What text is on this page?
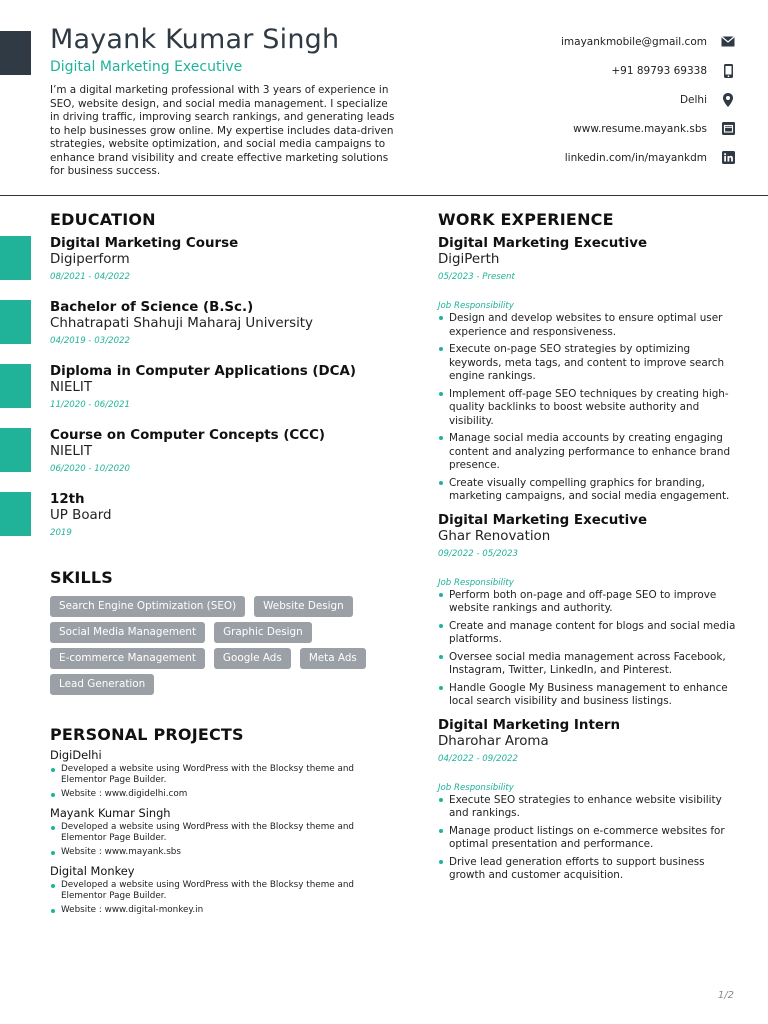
Mayank Kumar Singh
Digital Marketing Executive
I’m a digital marketing professional with 3 years of experience in SEO, website design, and social media management. I specialize in driving traffic, improving search rankings, and generating leads to help businesses grow online. My expertise includes data-driven strategies, website optimization, and social media campaigns to enhance brand visibility and create effective marketing solutions for business success.
imayankmobile@gmail.com
+91 89793 69338
Delhi
www.resume.mayank.sbs
linkedin.com/in/mayankdm
EDUCATION
Digital Marketing Course
Digiperform
08/2021 - 04/2022
Bachelor of Science (B.Sc.)
Chhatrapati Shahuji Maharaj University
04/2019 - 03/2022
Diploma in Computer Applications (DCA)
NIELIT
11/2020 - 06/2021
Course on Computer Concepts (CCC)
NIELIT
06/2020 - 10/2020
12th
UP Board
2019
SKILLS
Search Engine Optimization (SEO)	Website Design
Social Media Management	Graphic Design
E-commerce Management	Google Ads	Meta Ads
Lead Generation
PERSONAL PROJECTS
DigiDelhi
Developed a website using WordPress with the Blocksy theme and Elementor Page Builder.
Website : www.digidelhi.com
Mayank Kumar Singh
Developed a website using WordPress with the Blocksy theme and Elementor Page Builder.
Website : www.mayank.sbs
Digital Monkey
Developed a website using WordPress with the Blocksy theme and Elementor Page Builder.
Website : www.digital-monkey.in
WORK EXPERIENCE
Digital Marketing Executive
DigiPerth
05/2023 - Present
Job Responsibility
Design and develop websites to ensure optimal user experience and responsiveness.
Execute on-page SEO strategies by optimizing keywords, meta tags, and content to improve search engine rankings.
Implement off-page SEO techniques by creating high-quality backlinks to boost website authority and visibility.
Manage social media accounts by creating engaging content and analyzing performance to enhance brand presence.
Create visually compelling graphics for branding, marketing campaigns, and social media engagement.
Digital Marketing Executive
Ghar Renovation
09/2022 - 05/2023
Job Responsibility
Perform both on-page and off-page SEO to improve website rankings and authority.
Create and manage content for blogs and social media platforms.
Oversee social media management across Facebook, Instagram, Twitter, LinkedIn, and Pinterest.
Handle Google My Business management to enhance local search visibility and business listings.
Digital Marketing Intern
Dharohar Aroma
04/2022 - 09/2022
Job Responsibility
Execute SEO strategies to enhance website visibility and rankings.
Manage product listings on e-commerce websites for optimal presentation and performance.
Drive lead generation efforts to support business growth and customer acquisition.
1/2
